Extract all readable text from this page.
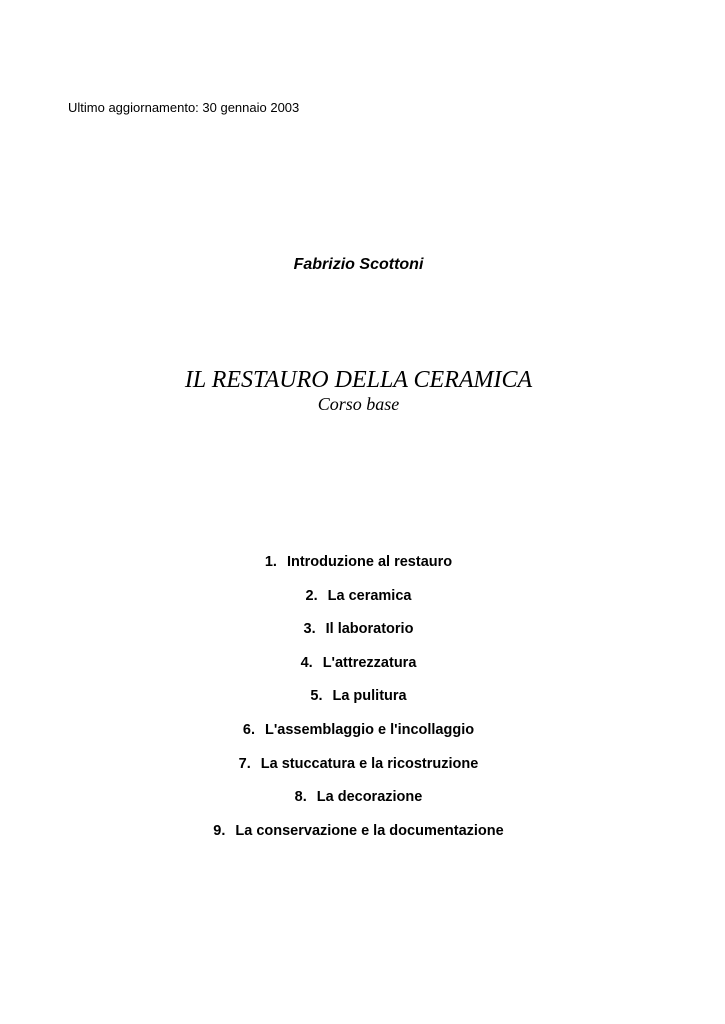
Ultimo aggiornamento: 30 gennaio 2003
Fabrizio Scottoni
IL RESTAURO DELLA CERAMICA
Corso base
1. Introduzione al restauro
2. La ceramica
3. Il laboratorio
4. L'attrezzatura
5. La pulitura
6. L'assemblaggio e l'incollaggio
7. La stuccatura e la ricostruzione
8. La decorazione
9. La conservazione e la documentazione
